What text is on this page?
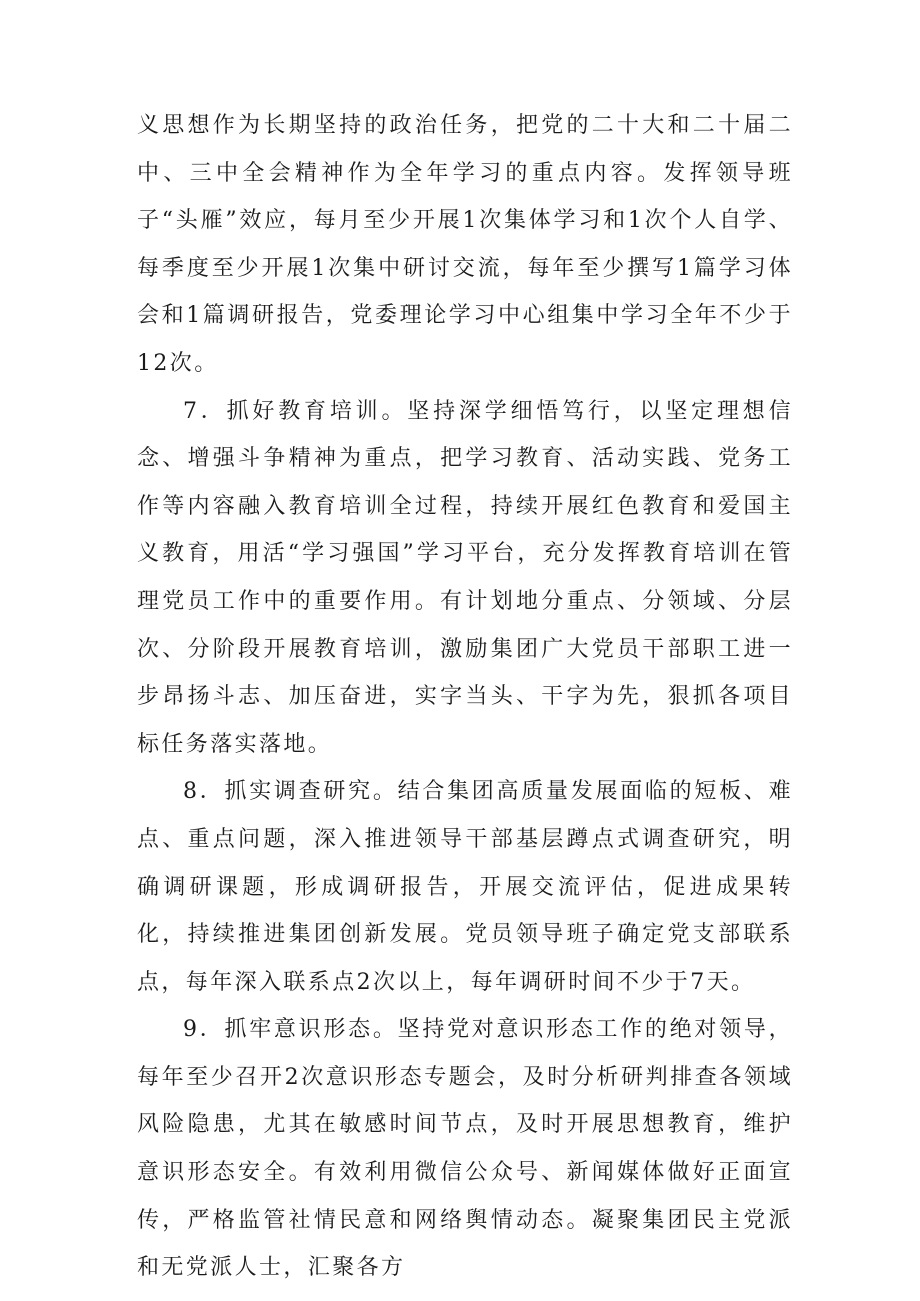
义思想作为长期坚持的政治任务，把党的二十大和二十届二中、三中全会精神作为全年学习的重点内容。发挥领导班子“头雁”效应，每月至少开展1次集体学习和1次个人自学、每季度至少开展1次集中研讨交流，每年至少撰写1篇学习体会和1篇调研报告，党委理论学习中心组集中学习全年不少于12次。

7．抓好教育培训。坚持深学细悟笃行，以坚定理想信念、增强斗争精神为重点，把学习教育、活动实践、党务工作等内容融入教育培训全过程，持续开展红色教育和爱国主义教育，用活“学习强国”学习平台，充分发挥教育培训在管理党员工作中的重要作用。有计划地分重点、分领域、分层次、分阶段开展教育培训，激励集团广大党员干部职工进一步昂扬斗志、加压奋进，实字当头、干字为先，狠抓各项目标任务落实落地。

8．抓实调查研究。结合集团高质量发展面临的短板、难点、重点问题，深入推进领导干部基层蹲点式调查研究，明确调研课题，形成调研报告，开展交流评估，促进成果转化，持续推进集团创新发展。党员领导班子确定党支部联系点，每年深入联系点2次以上，每年调研时间不少于7天。

9．抓牢意识形态。坚持党对意识形态工作的绝对领导，每年至少召开2次意识形态专题会，及时分析研判排查各领域风险隐患，尤其在敏感时间节点，及时开展思想教育，维护意识形态安全。有效利用微信公众号、新闻媒体做好正面宣传，严格监管社情民意和网络舆情动态。凝聚集团民主党派和无党派人士，汇聚各方
